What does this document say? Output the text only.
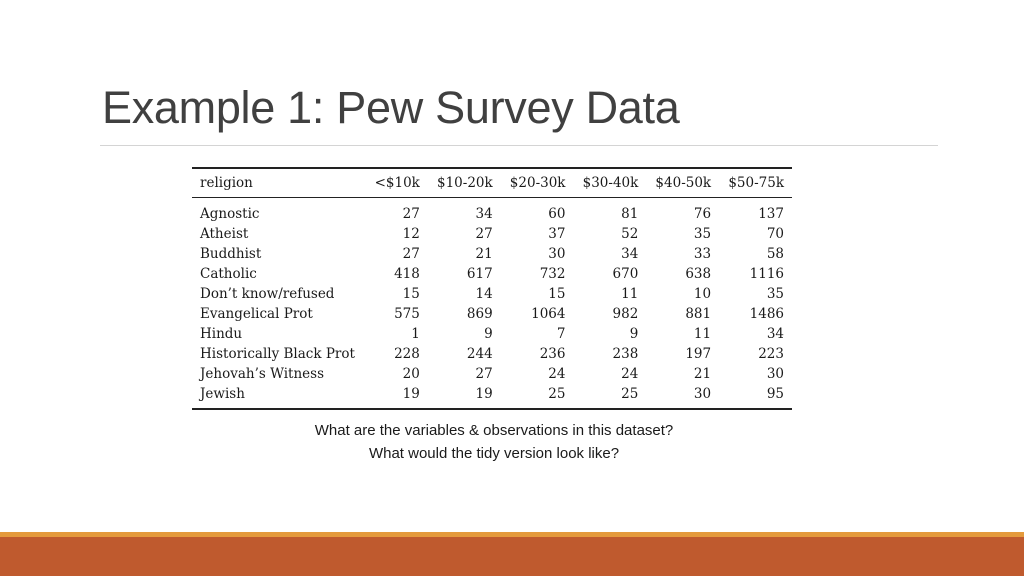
Example 1: Pew Survey Data
religion	<$10k	$10-20k	$20-30k	$30-40k	$40-50k	$50-75k
Agnostic	27	34	60	81	76	137
Atheist	12	27	37	52	35	70
Buddhist	27	21	30	34	33	58
Catholic	418	617	732	670	638	1116
Don’t know/refused	15	14	15	11	10	35
Evangelical Prot	575	869	1064	982	881	1486
Hindu	1	9	7	9	11	34
Historically Black Prot	228	244	236	238	197	223
Jehovah’s Witness	20	27	24	24	21	30
Jewish	19	19	25	25	30	95
What are the variables & observations in this dataset?
What would the tidy version look like?
